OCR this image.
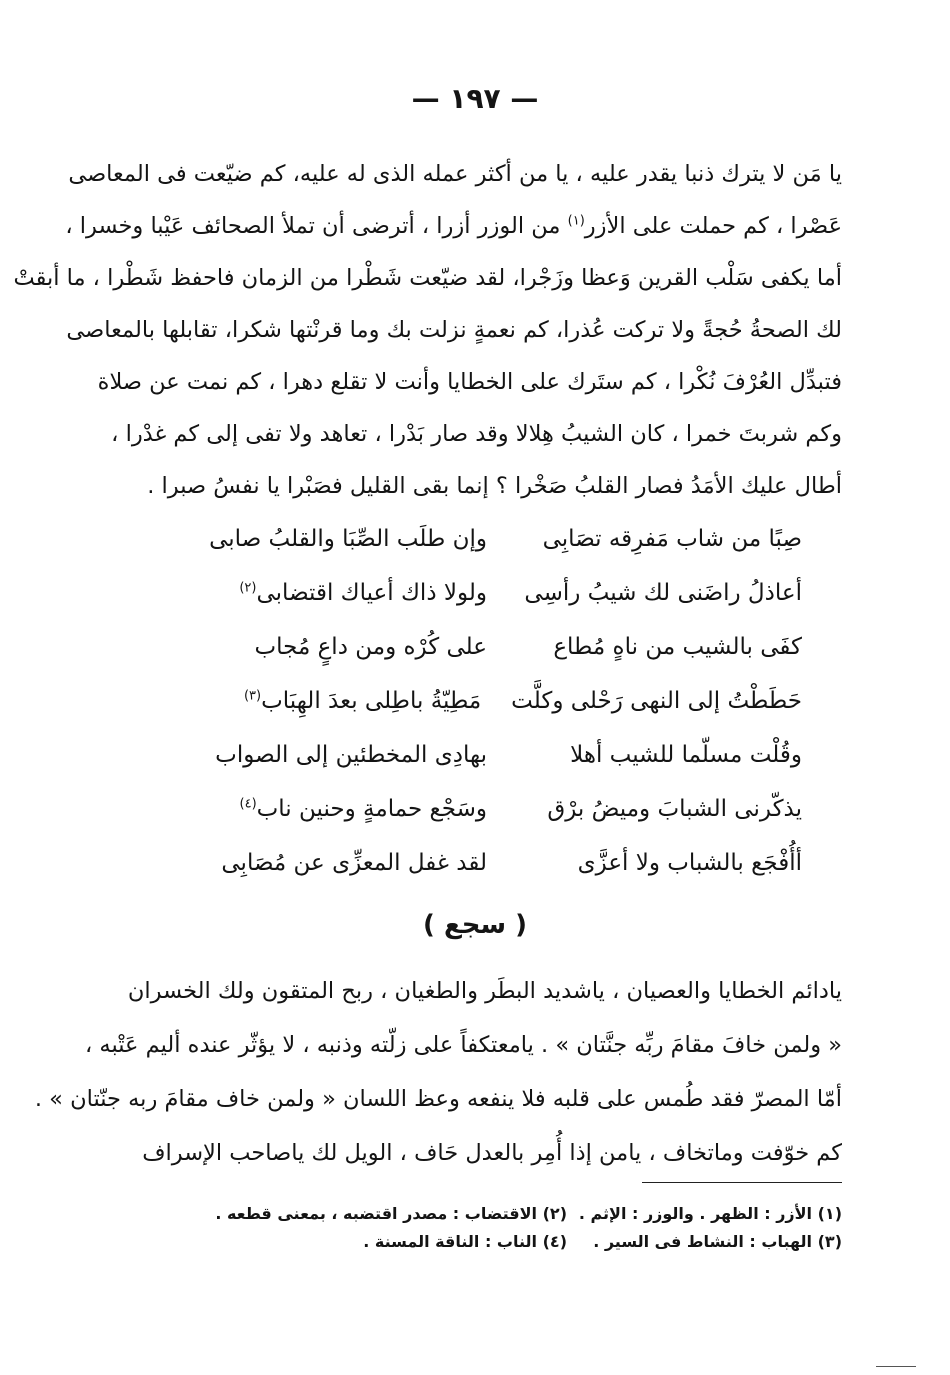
— ١٩٧ —

يا مَن لا يترك ذنبا يقدر عليه ، يا من أكثر عمله الذى له عليه، كم ضيّعت فى المعاصى

عَصْرا ، كم حملت على الأزر$^{(١)}$ من الوزر أزرا ، أترضى أن تملأ الصحائف عَيْبا وخسرا ،

أما يكفى سَلْب القرين وَعظا وزَجْرا، لقد ضيّعت شَطْرا من الزمان فاحفظ شَطْرا ، ما أبقتْ

لك الصحةُ حُجةً ولا تركت عُذرا، كم نعمةٍ نزلت بك وما قرنْتها شكرا، تقابلها بالمعاصى

فتبدِّل العُرْفَ نُكْرا ، كم ستَرك على الخطايا وأنت لا تقلع دهرا ، كم نمت عن صلاة

وكم شربتَ خمرا ، كان الشيبُ هِلالا وقد صار بَدْرا ، تعاهد ولا تفى إلى كم غدْرا ،

أطال عليك الأمَدُ فصار القلبُ صَخْرا ؟ إنما بقى القليل فصَبْرا يا نفسُ صبرا .

صِبًا من شاب مَفرِقه تصَابِى
وإن طلَب الصِّبَا والقلبُ صابى
أعاذلُ راضَنى لك شيبُ رأسِى
ولولا ذاك أعياك اقتضابى$^{(٢)}$
كفَى بالشيب من ناهٍ مُطاع
على كُرْه ومن داعٍ مُجاب
حَطَطْتُ إلى النهى رَحْلى وكلَّت
مَطِيّةُ باطِلى بعدَ الهِبَاب$^{(٣)}$
وقُلْت مسلّما للشيب أهلا
بهادِى المخطئين إلى الصواب
يذكّرنى الشبابَ وميضُ برْق
وسَجْع حمامةٍ وحنين ناب$^{(٤)}$
أأُفْجَع بالشباب ولا أعزَّى
لقد غفل المعزِّى عن مُصَابِى
( سجع )

يادائم الخطايا والعصيان ، ياشديد البطَر والطغيان ، ربح المتقون ولك الخسران

« ولمن خافَ مقامَ ربِّه جنَّتان » . يامعتكفاً على زلّته وذنبه ، لا يؤثّر عنده أليم عَتْبه ،

أمّا المصرّ فقد طُمس على قلبه فلا ينفعه وعظ اللسان « ولمن خاف مقامَ ربه جنّتان » .

كم خوّفت وماتخاف ، يامن إذا أُمِر بالعدل حَاف ، الويل لك ياصاحب الإسراف

(١) الأزر : الظهر . والوزر : الإثم .
(٢) الاقتضاب : مصدر اقتضبه ، بمعنى قطعه .
(٣) الهباب : النشاط فى السير .
(٤) الناب : الناقة المسنة .
